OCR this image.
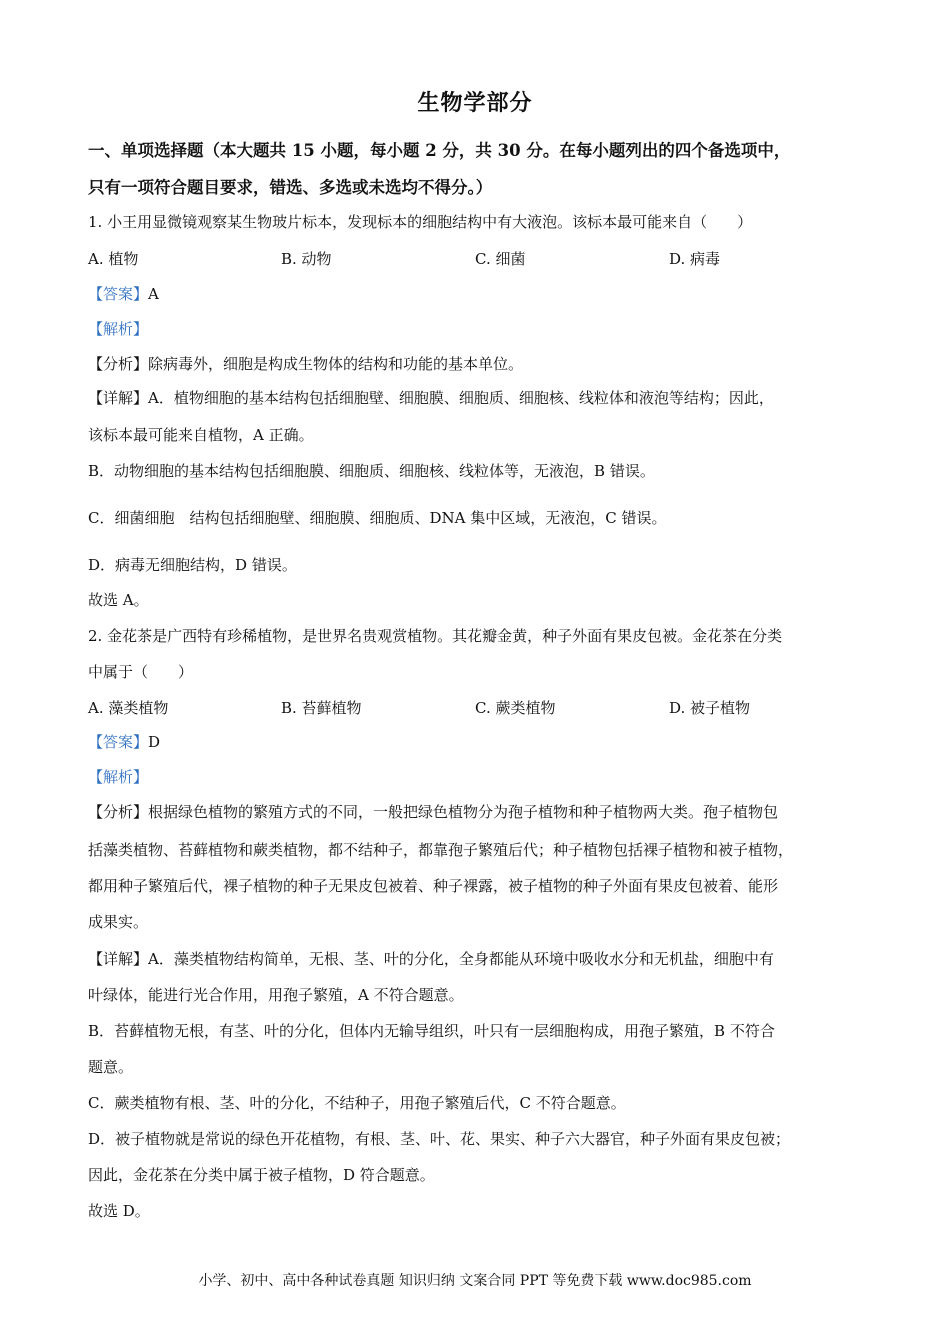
生物学部分
一、单项选择题（本大题共 15 小题，每小题 2 分，共 30 分。在每小题列出的四个备选项中，
只有一项符合题目要求，错选、多选或未选均不得分。）
1. 小王用显微镜观察某生物玻片标本，发现标本的细胞结构中有大液泡。该标本最可能来自（　　）
A. 植物	B. 动物	C. 细菌	D. 病毒
【答案】A
【解析】
【分析】除病毒外，细胞是构成生物体的结构和功能的基本单位。
【详解】A．植物细胞的基本结构包括细胞壁、细胞膜、细胞质、细胞核、线粒体和液泡等结构；因此，
该标本最可能来自植物，A 正确。
B．动物细胞的基本结构包括细胞膜、细胞质、细胞核、线粒体等，无液泡，B 错误。
C．细菌细胞　结构包括细胞壁、细胞膜、细胞质、DNA 集中区域，无液泡，C 错误。
D．病毒无细胞结构，D 错误。
故选 A。
2. 金花茶是广西特有珍稀植物，是世界名贵观赏植物。其花瓣金黄，种子外面有果皮包被。金花茶在分类
中属于（　　）
A. 藻类植物	B. 苔藓植物	C. 蕨类植物	D. 被子植物
【答案】D
【解析】
【分析】根据绿色植物的繁殖方式的不同，一般把绿色植物分为孢子植物和种子植物两大类。孢子植物包
括藻类植物、苔藓植物和蕨类植物，都不结种子，都靠孢子繁殖后代；种子植物包括裸子植物和被子植物，
都用种子繁殖后代，裸子植物的种子无果皮包被着、种子裸露，被子植物的种子外面有果皮包被着、能形
成果实。
【详解】A．藻类植物结构简单，无根、茎、叶的分化，全身都能从环境中吸收水分和无机盐，细胞中有
叶绿体，能进行光合作用，用孢子繁殖，A 不符合题意。
B．苔藓植物无根，有茎、叶的分化，但体内无输导组织，叶只有一层细胞构成，用孢子繁殖，B 不符合
题意。
C．蕨类植物有根、茎、叶的分化，不结种子，用孢子繁殖后代，C 不符合题意。
D．被子植物就是常说的绿色开花植物，有根、茎、叶、花、果实、种子六大器官，种子外面有果皮包被；
因此，金花茶在分类中属于被子植物，D 符合题意。
故选 D。
小学、初中、高中各种试卷真题 知识归纳 文案合同 PPT 等免费下载 www.doc985.com
